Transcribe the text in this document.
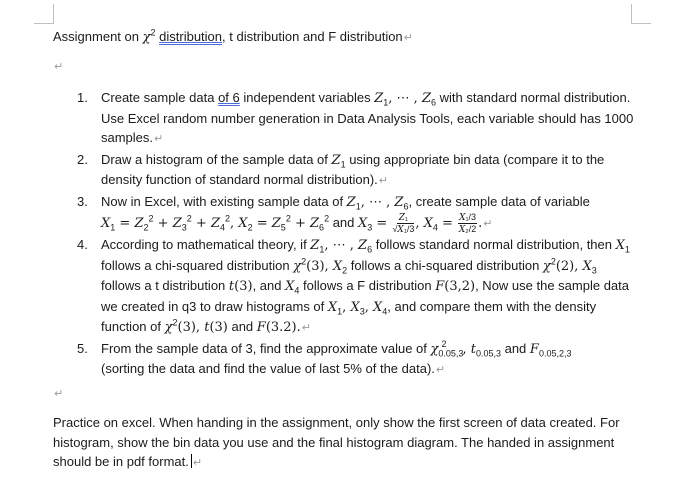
Assignment on $\chi^2$ distribution, t distribution and F distribution↵
↵
1. Create sample data of 6 independent variables $Z_1$, ⋯ , $Z_6$ with standard normal distribution. Use Excel random number generation in Data Analysis Tools, each variable should has 1000 samples.↵
2. Draw a histogram of the sample data of $Z_1$ using appropriate bin data (compare it to the density function of standard normal distribution).↵
3. Now in Excel, with existing sample data of $Z_1$, ⋯ , $Z_6$, create sample data of variable
$X_1 = Z_2^2 + Z_3^2 + Z_4^2$, $X_2 = Z_5^2 + Z_6^2$ and $X_3 = \frac{\text{Z₁}}{\text{√X₁/3}}$ , $X_4 = \frac{\text{X₁/3}}{\text{X₂/2}}$ .↵
4. According to mathematical theory, if $Z_1$, ⋯ , $Z_6$ follows standard normal distribution, then $X_1$ follows a chi-squared distribution $\chi^2(3)$, $X_2$ follows a chi-squared distribution $\chi^2(2)$, $X_3$ follows a t distribution t(3), and $X_4$ follows a F distribution F(3,2), Now use the sample data we created in q3 to draw histograms of $X_1$, $X_3$, $X_4$, and compare them with the density function of $\chi^2(3)$, t(3) and F(3.2).↵
5. From the sample data of 3, find the approximate value of $\chi_{0.05,3}^2$ , $t_{0.05,3}$ and $F_{0.05,2,3}$
(sorting the data and find the value of last 5% of the data).↵
↵
Practice on excel. When handing in the assignment, only show the first screen of data created. For histogram, show the bin data you use and the final histogram diagram. The handed in assignment should be in pdf format. ↵
